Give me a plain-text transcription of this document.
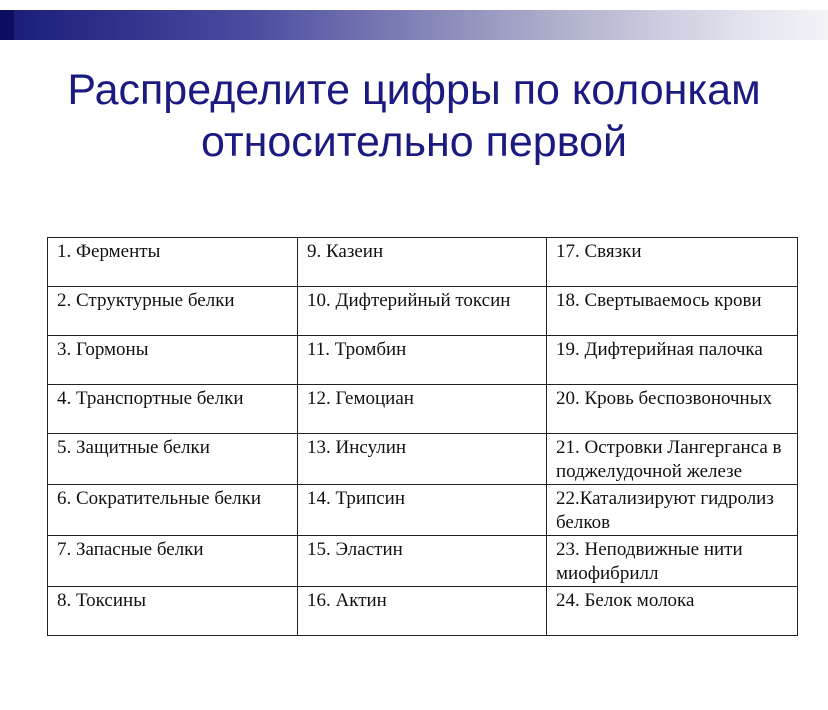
Распределите цифры по колонкам
относительно первой
1. Ферменты	9. Казеин	17. Связки
2. Структурные белки	10. Дифтерийный токсин	18. Свертываемось крови
3. Гормоны	11. Тромбин	19. Дифтерийная палочка
4. Транспортные белки	12. Гемоциан	20. Кровь беспозвоночных
5. Защитные белки	13. Инсулин	21. Островки Лангерганса в поджелудочной железе
6. Сократительные белки	14. Трипсин	22.Катализируют гидролиз белков
7. Запасные белки	15. Эластин	23. Неподвижные нити миофибрилл
8. Токсины	16. Актин	24. Белок молока
